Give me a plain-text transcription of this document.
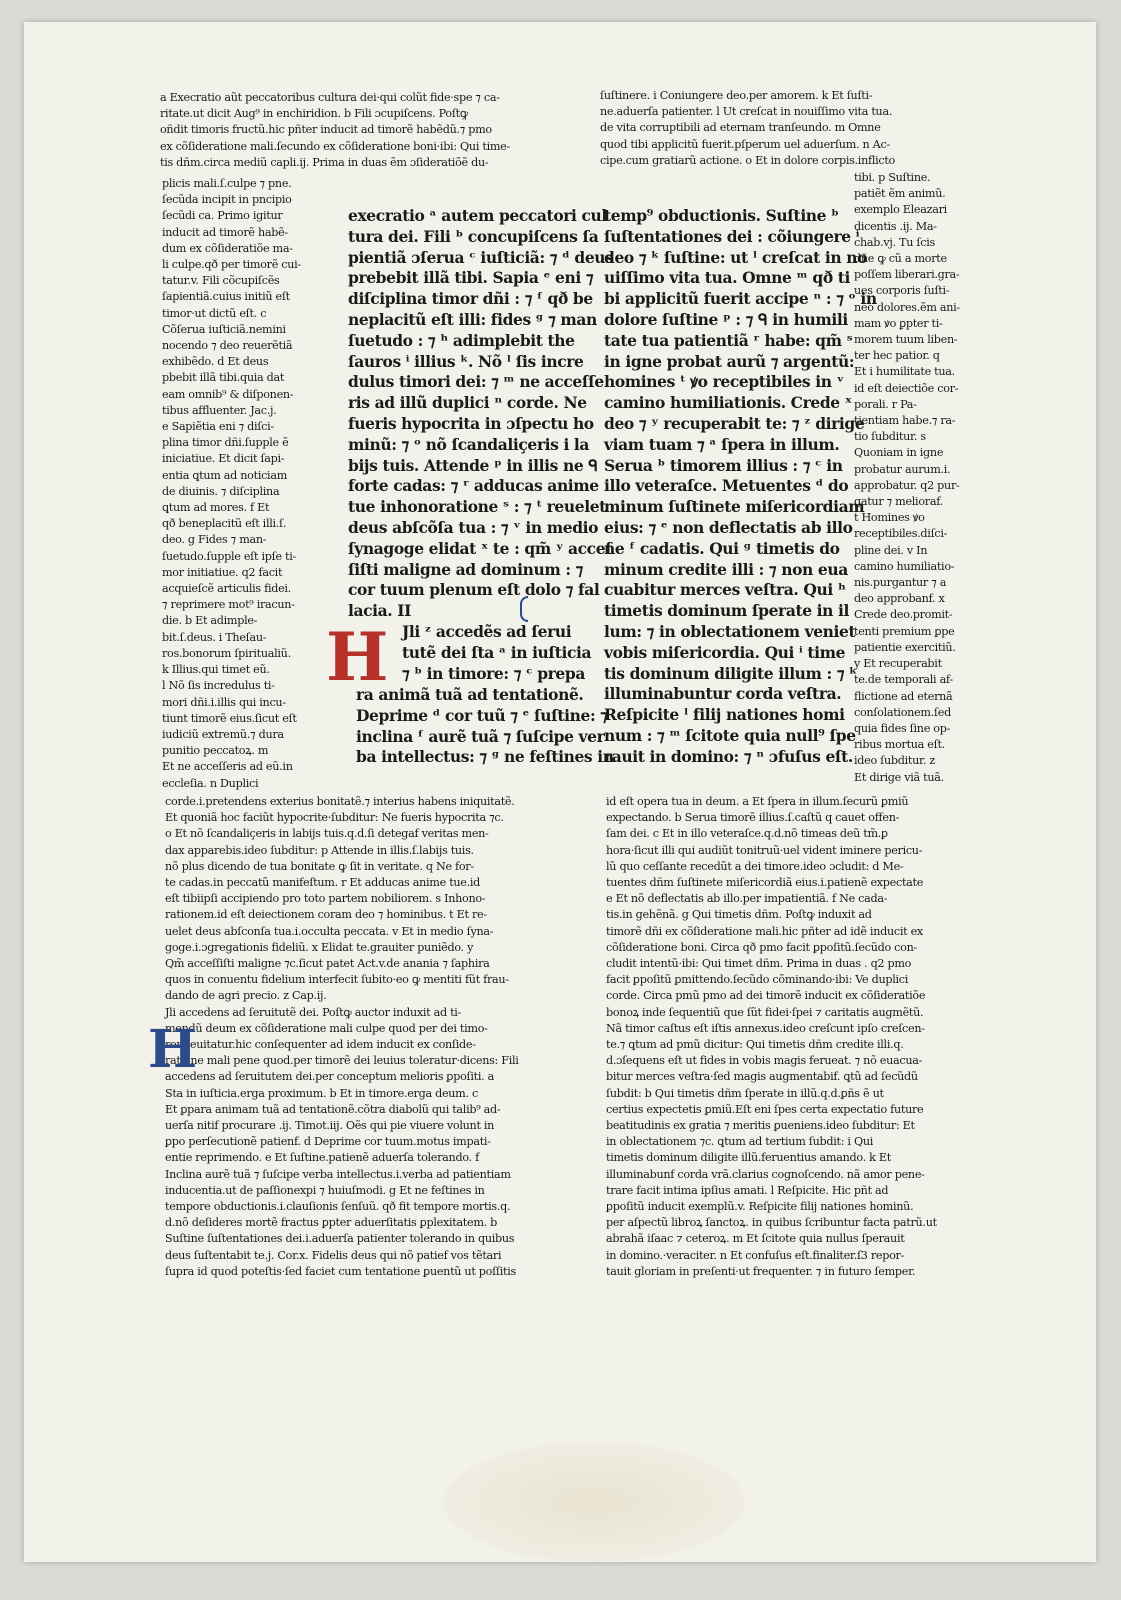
a Execratio aũt peccatoribus cultura dei·qui colũt fide·spe ⁊ ca-
ritate.ut dicit Aug⁹ in enchiridion. b Fili ɔcupiſcens. Poſtꝙ
oñdit timoris fructũ.hic pñter inducit ad timorẽ habẽdũ.⁊ pmo
ex cõſideratione mali.ſecundo ex cõſideratione boni·ibi: Qui time-
tis dñm.circa mediũ capli.ij. Prima in duas ẽm ɔſideratiõẽ du-
ſuſtinere. i Coniungere deo.per amorem. k Et ſuſti-
ne.aduerſa patienter. l Ut creſcat in nouiſſimo vita tua.
de vita corruptibili ad eternam tranſeundo. m Omne
quod tibi applicitũ fuerit.pſperum uel aduerſum. n Ac-
cipe.cum gratiarũ actione. o Et in dolore corpis.inflicto
plicis mali.ſ.culpe ⁊ pne.
ſecũda incipit in pncipio
ſecũdi ca. Primo igitur
inducit ad timorẽ habẽ-
dum ex cõſideratiõe ma-
li culpe.qð per timorẽ cui-
tatur.v. Fili cõcupiſcẽs
ſapientiã.cuius initiũ eſt
timor·ut dictũ eſt. c
Cõſerua iuſticiã.nemini
nocendo ⁊ deo reuerẽtiã
exhibẽdo. d Et deus
pbebit illã tibi.quia dat
eam omnib⁹ & diſponen-
tibus affluenter. Jac.j.
e Sapiẽtia eni ⁊ diſci-
plina timor dñi.ſupple ẽ
iniciatiue. Et dicit ſapi-
entia ꝗtum ad noticiam
de diuinis. ⁊ diſciplina
ꝗtum ad mores. f Et
qð beneplacitũ eſt illi.ſ.
deo. g Fides ⁊ man-
ſuetudo.ſupple eſt ipſe ti-
mor initiatiue. q2 facit
acquieſcẽ articulis fidei.
⁊ reprimere mot⁹ iracun-
die. b Et adimple-
bit.ſ.deus. i Theſau-
ros.bonorum ſpiritualiũ.
k Illius.qui timet eũ.
l Nõ ſis incredulus ti-
mori dñi.i.illis qui incu-
tiunt timorẽ eius.ſicut eſt
iudiciũ extremũ.⁊ dura
punitio peccatoꝝ. m
Et ne acceſſeris ad eũ.in
eccleſia. n Duplici
execratio ᵃ autem peccatori cul
tura dei. Fili ᵇ concupiſcens ſa
pientiã ɔſerua ᶜ iuſticiã: ⁊ ᵈ deus
prebebit illã tibi. Sapia ᵉ eni ⁊
diſciplina timor dñi : ⁊ ᶠ qð be
neplacitũ eſt illi: fides ᵍ ⁊ man
ſuetudo : ⁊ ʰ adimplebit the
ſauros ⁱ illius ᵏ. Nõ ˡ ſis incre
dulus timori dei: ⁊ ᵐ ne acceſſe
ris ad illũ duplici ⁿ corde. Ne
fueris hypocrita in ɔſpectu ho
minũ: ⁊ ᵒ nõ ſcandaliçeris i la
bijs tuis. Attende ᵖ in illis ne ᑫ
forte cadas: ⁊ ʳ adducas anime
tue inhonoratione ˢ : ⁊ ᵗ reuelet
deus abſcõſa tua : ⁊ ᵛ in medio
ſynagoge elidat ˣ te : qm̃ ʸ acceſ
ſiſti maligne ad dominum : ⁊
cor tuum plenum eſt dolo ⁊ fal
lacia. II
Jli ᶻ accedẽs ad ſerui
tutẽ dei ſta ᵃ in iuſticia
⁊ ᵇ in timore: ⁊ ᶜ prepa
ra animã tuã ad tentationẽ.
Deprime ᵈ cor tuũ ⁊ ᵉ ſuſtine: ⁊
inclina ᶠ aurẽ tuã ⁊ ſuſcipe ver
ba intellectus: ⁊ ᵍ ne feſtines in
temp⁹ obductionis. Suſtine ᵇ
ſuſtentationes dei : cõiungere ⁱ
deo ⁊ ᵏ ſuſtine: ut ˡ creſcat in no
uiſſimo vita tua. Omne ᵐ qð ti
bi applicitũ fuerit accipe ⁿ : ⁊ ᵒ in
dolore ſuſtine ᵖ : ⁊ ᑫ in humili
tate tua patientiã ʳ habe: qm̃ ˢ
in igne probat aurũ ⁊ argentũ:
homines ᵗ ꝟo receptibiles in ᵛ
camino humiliationis. Crede ˣ
deo ⁊ ʸ recuperabit te: ⁊ ᶻ dirige
viam tuam ⁊ ᵃ ſpera in illum.
Serua ᵇ timorem illius : ⁊ ᶜ in
illo veteraſce. Metuentes ᵈ do
minum ſuſtinete miſericordiam
eius: ⁊ ᵉ non deflectatis ab illo
ne ᶠ cadatis. Qui ᵍ timetis do
minum credite illi : ⁊ non eua
cuabitur merces veſtra. Qui ʰ
timetis dominum ſperate in il
lum: ⁊ in oblectationem veniet
vobis miſericordia. Qui ⁱ time
tis dominum diligite illum : ⁊ ᵏ
illuminabuntur corda veſtra.
Reſpicite ˡ filij nationes homi
num : ⁊ ᵐ ſcitote quia null⁹ ſpe
rauit in domino: ⁊ ⁿ ɔfuſus eſt.
tibi. p Suſtine.
patiẽt ẽm animũ.
exemplo Eleazari
dicentis .ij. Ma-
chab.vj. Tu ſcis
dñe ꝙ cũ a morte
poſſem liberari.gra-
ues corporis ſuſti-
neo dolores.ẽm ani-
mam ꝟo ꝑpter ti-
morem tuum liben-
ter hec patior. q
Et i humilitate tua.
id eſt deiectiõe cor-
porali. r Pa-
tientiam habe.⁊ ra-
tio ſubditur. s
Quoniam in igne
probatur aurum.i.
approbatur. q2 pur-
gatur ⁊ melioraf.
t Homines ꝟo
receptibiles.diſci-
pline dei. v In
camino humiliatio-
nis.purgantur ⁊ a
deo approbanf. x
Crede deo.promit-
tenti premium ꝑpe
patientie exercitiũ.
y Et recuperabit
te.de temporali af-
flictione ad eternã
conſolationem.ſed
quia fides ſine op-
ribus mortua eſt.
ideo ſubditur. z
Et dirige viã tuã.
corde.i.pretendens exterius bonitatẽ.⁊ interius habens iniquitatẽ.
Et quoniã hoc faciũt hypocrite·ſubditur: Ne fueris hypocrita ⁊c.
o Et nõ ſcandaliçeris in labijs tuis.q.d.ſi detegaf veritas men-
dax apparebis.ideo ſubditur: p Attende in illis.ſ.labijs tuis.
nõ plus dicendo de tua bonitate ꝙ ſit in veritate. q Ne for-
te cadas.in peccatũ manifeſtum. r Et adducas anime tue.id
eſt tibiipſi accipiendo pro toto partem nobiliorem. s Inhono-
rationem.id eſt deiectionem coram deo ⁊ hominibus. t Et re-
uelet deus abſconſa tua.i.occulta peccata. v Et in medio ſyna-
goge.i.ɔgregationis fideliũ. x Elidat te.grauiter puniẽdo. y
Qm̃ acceſſiſti maligne ⁊c.ſicut patet Act.v.de anania ⁊ ſaphira
quos in conuentu fidelium interfecit ſubito·eo ꝙ mentiti fũt frau-
dando de agri precio. z Cap.ij.
Jli accedens ad ſeruitutẽ dei. Poſtꝙ auctor induxit ad ti-
mendũ deum ex cõſideratione mali culpe quod per dei timo-
rem euitatur.hic conſequenter ad idem inducit ex conſide-
ratione mali pene quod.per timorẽ dei leuius toleratur·dicens: Fili
accedens ad ſeruitutem dei.per conceptum melioris ꝑpoſiti. a
Sta in iuſticia.erga proximum. b Et in timore.erga deum. c
Et ꝑpara animam tuã ad tentationẽ.cõtra diabolũ qui talib⁹ ad-
uerſa nitif procurare .ij. Timot.iij. Oẽs qui pie viuere volunt in
ꝑpo perſecutionẽ patienf. d Deprime cor tuum.motus impati-
entie reprimendo. e Et ſuſtine.patienẽ aduerſa tolerando. f
Inclina aurẽ tuã ⁊ ſuſcipe verba intellectus.i.verba ad patientiam
inducentia.ut de paſſionexpi ⁊ huiuſmodi. g Et ne feſtines in
tempore obductionis.i.clauſionis ſenſuũ. qð fit tempore mortis.q.
d.nõ deſideres mortẽ fractus ꝑpter aduerſitatis ꝑplexitatem. b
Suſtine ſuſtentationes dei.i.aduerſa patienter tolerando in quibus
deus ſuſtentabit te.j. Cor.x. Fidelis deus qui nõ patief vos tẽtari
ſupra id quod poteſtis·ſed faciet cum tentatione ꝑuentũ ut poſſitis
id eſt opera tua in deum. a Et ſpera in illum.ſecurũ ꝑmiũ
expectando. b Serua timorẽ illius.ſ.caſtũ q cauet offen-
ſam dei. c Et in illo veteraſce.q.d.nõ timeas deũ tm̃.ꝑ
hora·ſicut illi qui audiũt tonitruũ·uel vident iminere pericu-
lũ quo ceſſante recedũt a dei timore.ideo ɔcludit: d Me-
tuentes dñm ſuſtinete miſericordiã eius.i.patienẽ expectate
e Et nõ deflectatis ab illo.per impatientiã. f Ne cada-
tis.in gehẽnã. g Qui timetis dñm. Poſtꝙ induxit ad
timorẽ dñi ex cõſideratione mali.hic pñter ad idẽ inducit ex
cõſideratione boni. Circa qð pmo facit ꝑpoſitũ.ſecũdo con-
cludit intentũ·ibi: Qui timet dñm. Prima in duas . q2 pmo
facit ꝑpoſitũ ꝑmittendo.ſecũdo cõminando·ibi: Ve duplici
corde. Circa pmũ pmo ad dei timorẽ inducit ex cõſideratiõe
bonoꝝ inde ſequentiũ que ſũt fidei·ſpei ⁊ caritatis augmẽtũ.
Nã timor caſtus eſt iſtis annexus.ideo creſcunt ipſo creſcen-
te.⁊ ꝗtum ad pmũ dicitur: Qui timetis dñm credite illi.q.
d.ɔſequens eſt ut fides in vobis magis ferueat. ⁊ nõ euacua-
bitur merces veſtra·ſed magis augmentabif. ꝗtũ ad ſecũdũ
ſubdit: b Qui timetis dñm ſperate in illũ.q.d.ꝑñs ẽ ut
certius expectetis ꝑmiũ.Eſt eni ſpes certa expectatio future
beatitudinis ex gratia ⁊ meritis ꝑueniens.ideo ſubditur: Et
in oblectationem ⁊c. ꝗtum ad tertium ſubdit: i Qui
timetis dominum diligite illũ.feruentius amando. k Et
illuminabunf corda vrã.clarius cognoſcendo. nã amor pene-
trare facit intima ipſius amati. l Reſpicite. Hic pñt ad
ꝑpoſitũ inducit exemplũ.v. Reſpicite filij nationes hominũ.
per aſpectũ libroꝝ ſanctoꝝ. in quibus ſcribuntur facta patrũ.ut
abrahã iſaac ⁊ ceteroꝝ. m Et ſcitote quia nullus ſperauit
in domino.·veraciter. n Et confuſus eſt.finaliter.ſ3 repor-
tauit gloriam in preſenti·ut frequenter. ⁊ in futuro ſemper.
H
H
